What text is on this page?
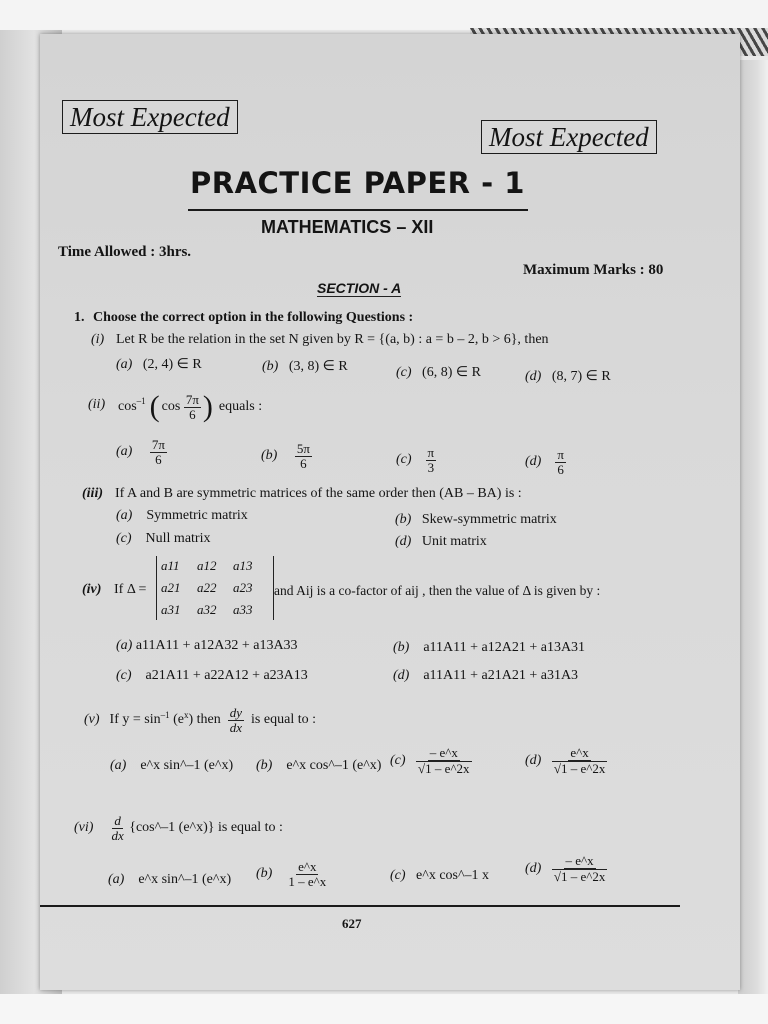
Most Expected
Most Expected
PRACTICE PAPER - 1
MATHEMATICS – XII
Time Allowed : 3hrs.
Maximum Marks : 80
SECTION - A
1. Choose the correct option in the following Questions :
(i) Let R be the relation in the set N given by R = {(a, b) : a = b – 2, b > 6}, then
(a) (2, 4) ∈ R	(b) (3, 8) ∈ R	(c) (6, 8) ∈ R	(d) (8, 7) ∈ R
(ii) $\cos^{-1}$ ( cos
$\frac{7\pi}{6}$ ) equals :
(a)
$\frac{7\pi}{6}$	(b)
$\frac{5\pi}{6}$	(c)
$\frac{\pi}{3}$	(d)
$\frac{\pi}{6}$
(iii) If A and B are symmetric matrices of the same order then (AB – BA) is :
(a) Symmetric matrix	(b) Skew-symmetric matrix
(c) Null matrix	(d) Unit matrix
(iv) If Δ =
a11	a12	a13
a21	a22	a23
a31	a32	a33
and Aij is a co-factor of aij , then the value of Δ is given by :
(a) a11A11 + a12A32 + a13A33	(b) a11A11 + a12A21 + a13A31
(c) a21A11 + a22A12 + a23A13	(d) a11A11 + a21A21 + a31A3
(v) If $y = \sin^{-1}$
($e^x$ ) then
$\frac{dy}{dx}$
is equal to :
(a) e^x sin^–1 (e^x) (b) e^x cos^–1 (e^x) (c)
$\frac{- e\^{}x}{√1 - e\^{}2x}$	(d)
$\frac{e\^{}x}{√1 - e\^{}2x}$
$(vi) \frac{d}{dx}$
{cos^–1 (e^x)}
is equal to :
(a) e^x sin^–1 (e^x) (b)
$\frac{e\^{}x}{1 - e\^{}x}$	(c) e^x cos^–1 x	(d)
$\frac{- e\^{}x}{√1 - e\^{}2x}$
627
